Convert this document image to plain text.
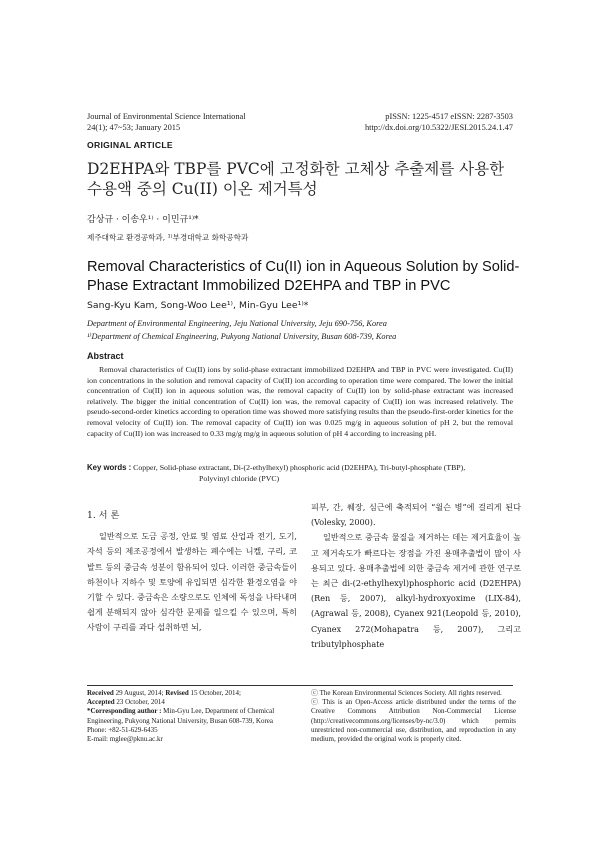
Journal of Environmental Science International
24(1); 47~53; January 2015
pISSN: 1225-4517 eISSN: 2287-3503
http://dx.doi.org/10.5322/JESI.2015.24.1.47
ORIGINAL ARTICLE
D2EHPA와 TBP를 PVC에 고정화한 고체상 추출제를 사용한 수용액 중의 Cu(II) 이온 제거특성
감상규 · 이송우¹⁾ · 이민규¹⁾*
제주대학교 환경공학과, ¹⁾부경대학교 화학공학과
Removal Characteristics of Cu(II) ion in Aqueous Solution by Solid-Phase Extractant Immobilized D2EHPA and TBP in PVC
Sang-Kyu Kam, Song-Woo Lee¹⁾, Min-Gyu Lee¹⁾*
Department of Environmental Engineering, Jeju National University, Jeju 690-756, Korea
¹⁾Department of Chemical Engineering, Pukyong National University, Busan 608-739, Korea
Abstract
Removal characteristics of Cu(II) ions by solid-phase extractant immobilized D2EHPA and TBP in PVC were investigated. Cu(II) ion concentrations in the solution and removal capacity of Cu(II) ion according to operation time were compared. The lower the initial concentration of Cu(II) ion in aqueous solution was, the removal capacity of Cu(II) ion by solid-phase extractant was increased relatively. The bigger the initial concentration of Cu(II) ion was, the removal capacity of Cu(II) ion was increased relatively. The pseudo-second-order kinetics according to operation time was showed more satisfying results than the pseudo-first-order kinetics for the removal velocity of Cu(II) ion. The removal capacity of Cu(II) ion was 0.025 mg/g in aqueous solution of pH 2, but the removal capacity of Cu(II) ion was increased to 0.33 mg/g mg/g in aqueous solution of pH 4 according to increasing pH.
Key words : Copper, Solid-phase extractant, Di-(2-ethylhexyl) phosphoric acid (D2EHPA), Tri-butyl-phosphate (TBP),
Polyvinyl chloride (PVC)
1. 서 론
일반적으로 도금 공정, 안료 및 염료 산업과 전기, 도기, 자석 등의 제조공정에서 발생하는 폐수에는 니켈, 구리, 코발트 등의 중금속 성분이 함유되어 있다. 이러한 중금속들이 하천이나 지하수 및 토양에 유입되면 심각한 환경오염을 야기할 수 있다. 중금속은 소량으로도 인체에 독성을 나타내며 쉽게 분해되지 않아 심각한 문제를 일으킬 수 있으며, 특히 사람이 구리를 과다 섭취하면 뇌,
피부, 간, 췌장, 심근에 축적되어 “윌슨 병”에 걸리게 된다(Volesky, 2000).
일반적으로 중금속 물질을 제거하는 데는 제거효율이 높고 제거속도가 빠르다는 장점을 가진 용매추출법이 많이 사용되고 있다. 용매추출법에 의한 중금속 제거에 관한 연구로는 최근 di-(2-ethylhexyl)phosphoric acid (D2EHPA)(Ren 등, 2007), alkyl-hydroxyoxime (LIX-84), (Agrawal 등, 2008), Cyanex 921(Leopold 등, 2010), Cyanex 272(Mohapatra 등, 2007), 그리고 tributylphosphate
Received 29 August, 2014; Revised 15 October, 2014;
Accepted 23 October, 2014
*Corresponding author : Min-Gyu Lee, Department of Chemical Engineering, Pukyong National University, Busan 608-739, Korea
Phone: +82-51-629-6435
E-mail: mglee@pknu.ac.kr
ⓒ The Korean Environmental Sciences Society. All rights reserved.
ⓒ This is an Open-Access article distributed under the terms of the Creative Commons Attribution Non-Commercial License (http://creativecommons.org/licenses/by-nc/3.0) which permits unrestricted non-commercial use, distribution, and reproduction in any medium, provided the original work is properly cited.
